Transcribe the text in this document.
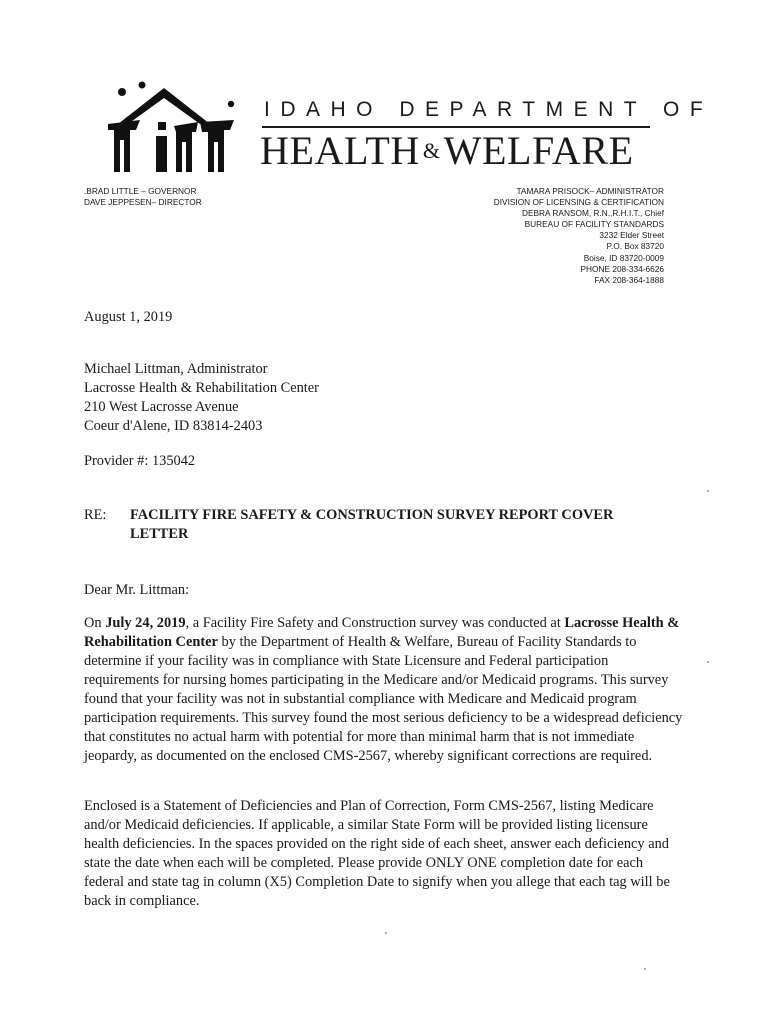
IDAHO DEPARTMENT OF
HEALTH &WELFARE
.BRAD LITTLE – GOVERNOR
DAVE JEPPESEN– DIRECTOR
TAMARA PRISOCK– ADMINISTRATOR
DIVISION OF LICENSING & CERTIFICATION
DEBRA RANSOM, R.N.,R.H.I.T., Chief
BUREAU OF FACILITY STANDARDS
3232 Elder Street
P.O. Box 83720
Boise, ID 83720-0009
PHONE 208-334-6626
FAX 208-364-1888
August 1, 2019
Michael Littman, Administrator
Lacrosse Health & Rehabilitation Center
210 West Lacrosse Avenue
Coeur d'Alene, ID 83814-2403
Provider #: 135042
RE: FACILITY FIRE SAFETY & CONSTRUCTION SURVEY REPORT COVER LETTER
Dear Mr. Littman:
On July 24, 2019, a Facility Fire Safety and Construction survey was conducted at Lacrosse Health & Rehabilitation Center by the Department of Health & Welfare, Bureau of Facility Standards to determine if your facility was in compliance with State Licensure and Federal participation requirements for nursing homes participating in the Medicare and/or Medicaid programs. This survey found that your facility was not in substantial compliance with Medicare and Medicaid program participation requirements. This survey found the most serious deficiency to be a widespread deficiency that constitutes no actual harm with potential for more than minimal harm that is not immediate jeopardy, as documented on the enclosed CMS-2567, whereby significant corrections are required.
Enclosed is a Statement of Deficiencies and Plan of Correction, Form CMS-2567, listing Medicare and/or Medicaid deficiencies. If applicable, a similar State Form will be provided listing licensure health deficiencies. In the spaces provided on the right side of each sheet, answer each deficiency and state the date when each will be completed. Please provide ONLY ONE completion date for each federal and state tag in column (X5) Completion Date to signify when you allege that each tag will be back in compliance.
